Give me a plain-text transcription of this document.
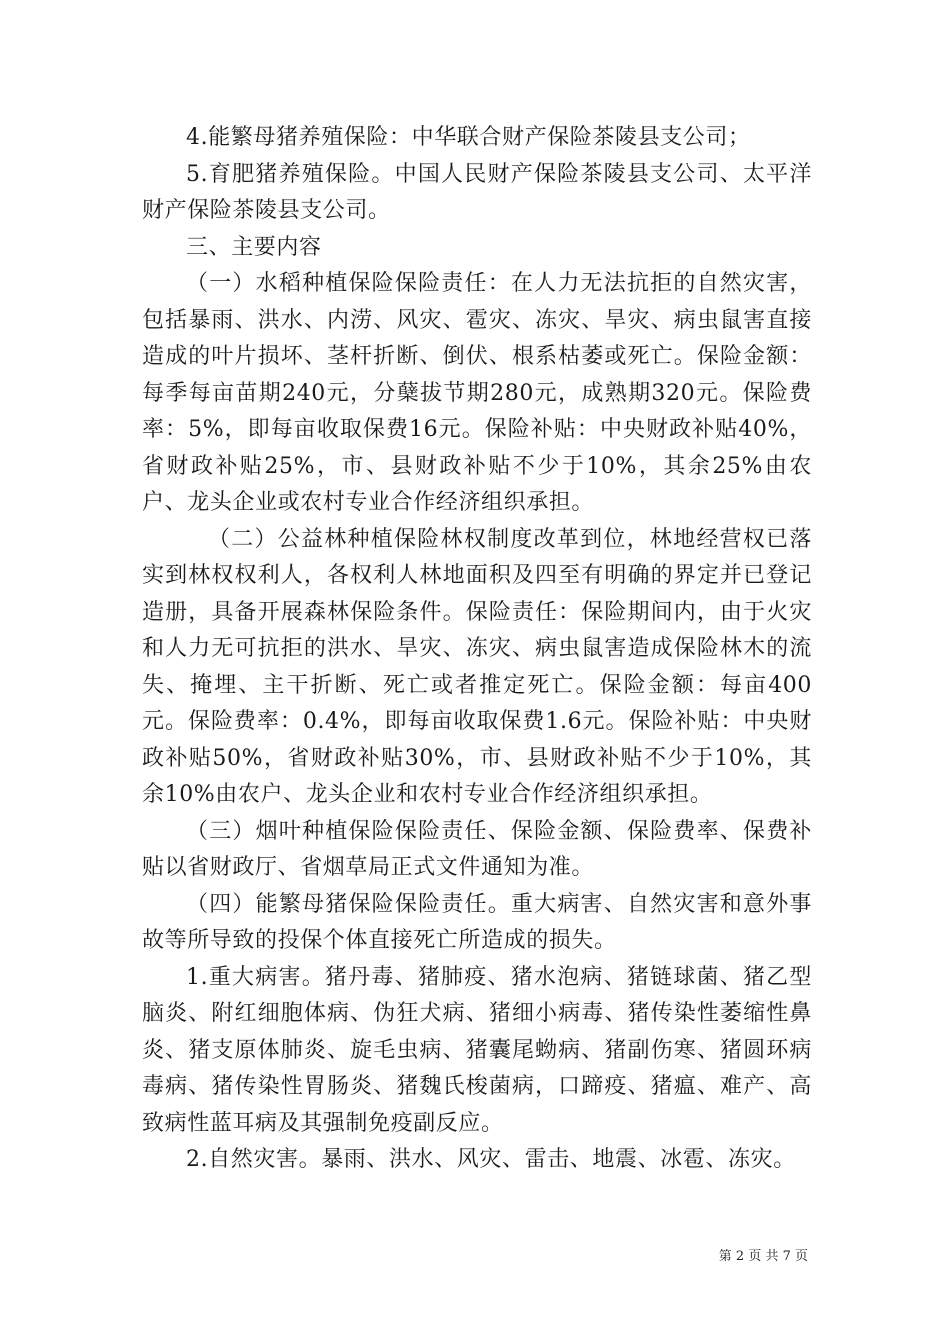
4.能繁母猪养殖保险：中华联合财产保险茶陵县支公司；

5.育肥猪养殖保险。中国人民财产保险茶陵县支公司、太平洋财产保险茶陵县支公司。

三、主要内容

（一）水稻种植保险保险责任：在人力无法抗拒的自然灾害，包括暴雨、洪水、内涝、风灾、雹灾、冻灾、旱灾、病虫鼠害直接造成的叶片损坏、茎杆折断、倒伏、根系枯萎或死亡。保险金额：每季每亩苗期240元，分蘖拔节期280元，成熟期320元。保险费率：5%，即每亩收取保费16元。保险补贴：中央财政补贴40%，省财政补贴25%，市、县财政补贴不少于10%，其余25%由农户、龙头企业或农村专业合作经济组织承担。

（二）公益林种植保险林权制度改革到位，林地经营权已落实到林权权利人，各权利人林地面积及四至有明确的界定并已登记造册，具备开展森林保险条件。保险责任：保险期间内，由于火灾和人力无可抗拒的洪水、旱灾、冻灾、病虫鼠害造成保险林木的流失、掩埋、主干折断、死亡或者推定死亡。保险金额：每亩400元。保险费率：0.4%，即每亩收取保费1.6元。保险补贴：中央财政补贴50%，省财政补贴30%，市、县财政补贴不少于10%，其余10%由农户、龙头企业和农村专业合作经济组织承担。

（三）烟叶种植保险保险责任、保险金额、保险费率、保费补贴以省财政厅、省烟草局正式文件通知为准。

（四）能繁母猪保险保险责任。重大病害、自然灾害和意外事故等所导致的投保个体直接死亡所造成的损失。

1.重大病害。猪丹毒、猪肺疫、猪水泡病、猪链球菌、猪乙型脑炎、附红细胞体病、伪狂犬病、猪细小病毒、猪传染性萎缩性鼻炎、猪支原体肺炎、旋毛虫病、猪囊尾蚴病、猪副伤寒、猪圆环病毒病、猪传染性胃肠炎、猪魏氏梭菌病，口蹄疫、猪瘟、难产、高致病性蓝耳病及其强制免疫副反应。

2.自然灾害。暴雨、洪水、风灾、雷击、地震、冰雹、冻灾。

第 2 页 共 7 页
